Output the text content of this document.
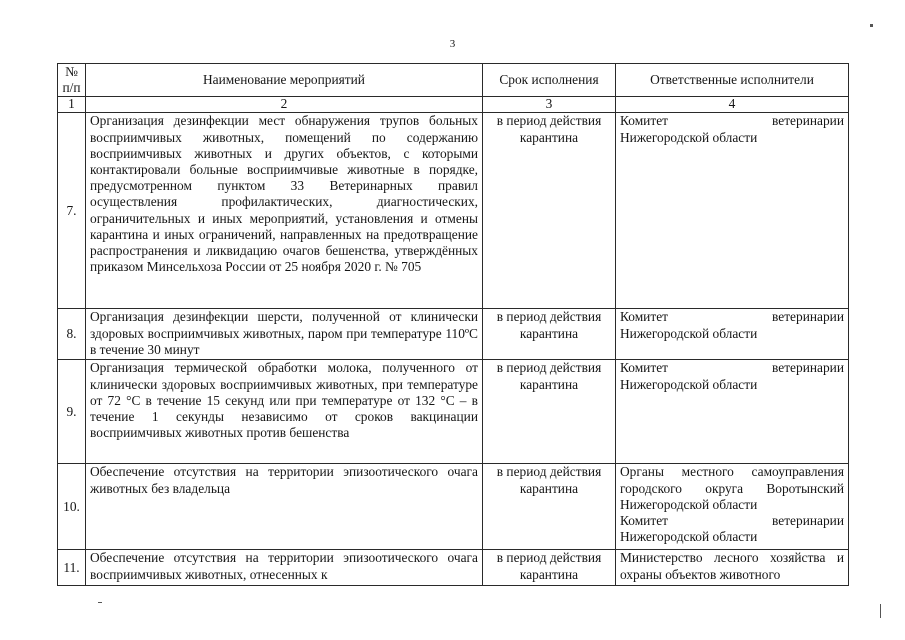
3
№ п/п	Наименование мероприятий	Срок исполнения	Ответственные исполнители
1	2	3	4
7.	Организация дезинфекции мест обнаружения трупов больных восприимчивых животных, помещений по содержанию восприимчивых животных и других объектов, с которыми контактировали больные восприимчивые животные в порядке, предусмотренном пунктом 33 Ветеринарных правил осуществления профилактических, диагностических, ограничительных и иных мероприятий, установления и отмены карантина и иных ограничений, направленных на предотвращение распространения и ликвидацию очагов бешенства, утверждённых приказом Минсельхоза России от 25 ноября 2020 г. № 705	в период действия карантина	Комитет ветеринарии
Нижегородской области

8.	Организация дезинфекции шерсти, полученной от клинически здоровых восприимчивых животных, паром при температуре 110ºС в течение 30 минут	в период действия карантина	Комитет ветеринарии
Нижегородской области

9.	Организация термической обработки молока, полученного от клинически здоровых восприимчивых животных, при температуре от 72 °С в течение 15 секунд или при температуре от 132 °С – в течение 1 секунды независимо от сроков вакцинации восприимчивых животных против бешенства	в период действия карантина	Комитет ветеринарии
Нижегородской области

10.	Обеспечение отсутствия на территории эпизоотического очага животных без владельца	в период действия карантина	Органы местного самоуправления городского округа Воротынский Нижегородской области
Комитет ветеринарии
Нижегородской области

11.	Обеспечение отсутствия на территории эпизоотического очага восприимчивых животных, отнесенных к	в период действия карантина	Министерство лесного хозяйства и охраны объектов животного
